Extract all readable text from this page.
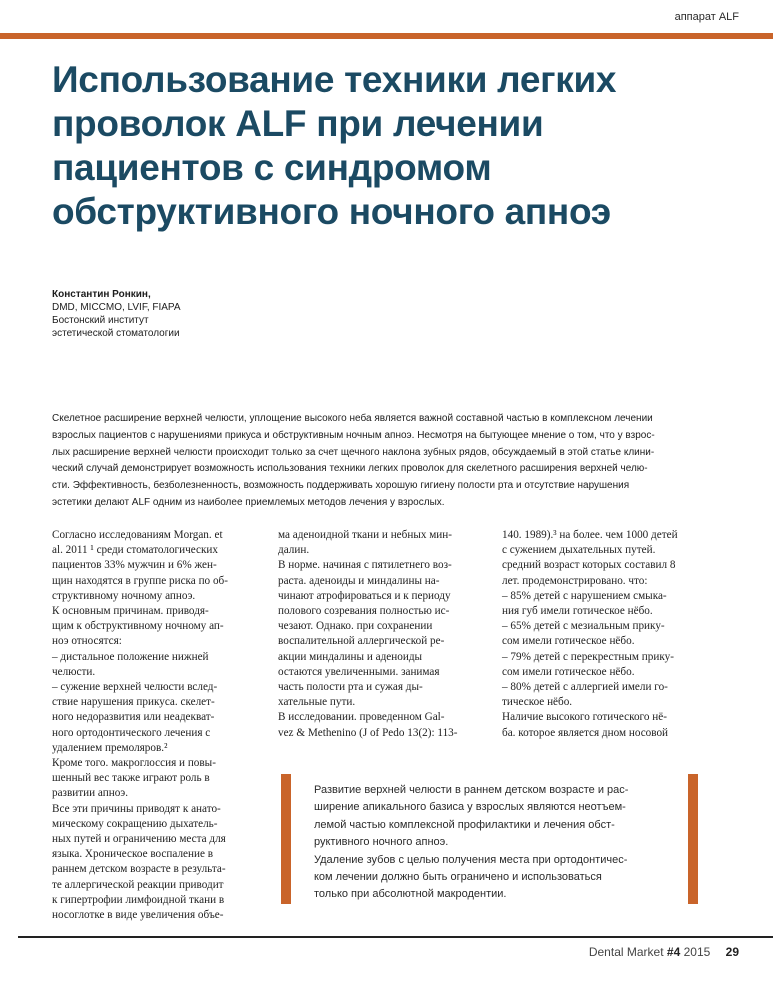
аппарат ALF
Использование техники легких
проволок ALF при лечении
пациентов с синдромом
обструктивного ночного апноэ
Константин Ронкин,
DMD, MICCMO, LVIF, FIAPA
Бостонский институт
эстетической стоматологии
Скелетное расширение верхней челюсти, уплощение высокого неба является важной составной частью в комплексном лечении
взрослых пациентов с нарушениями прикуса и обструктивным ночным апноэ. Несмотря на бытующее мнение о том, что у взрос-
лых расширение верхней челюсти происходит только за счет щечного наклона зубных рядов, обсуждаемый в этой статье клини-
ческий случай демонстрирует возможность использования техники легких проволок для скелетного расширения верхней челю-
сти. Эффективность, безболезненность, возможность поддерживать хорошую гигиену полости рта и отсутствие нарушения
эстетики делают ALF одним из наиболее приемлемых методов лечения у взрослых.
Согласно исследованиям Morgan. et
al. 2011 ¹ среди стоматологических
пациентов 33% мужчин и 6% жен-
щин находятся в группе риска по об-
структивному ночному апноэ.
К основным причинам. приводя-
щим к обструктивному ночному ап-
ноэ относятся:
– дистальное положение нижней
челюсти.
– сужение верхней челюсти вслед-
ствие нарушения прикуса. скелет-
ного недоразвития или неадекват-
ного ортодонтического лечения с
удалением премоляров.²
Кроме того. макроглоссия и повы-
шенный вес также играют роль в
развитии апноэ.
Все эти причины приводят к анато-
мическому сокращению дыхатель-
ных путей и ограничению места для
языка. Хроническое воспаление в
раннем детском возрасте в результа-
те аллергической реакции приводит
к гипертрофии лимфоидной ткани в
носоглотке в виде увеличения объе-
ма аденоидной ткани и небных мин-
далин.
В норме. начиная с пятилетнего воз-
раста. аденоиды и миндалины на-
чинают атрофироваться и к периоду
полового созревания полностью ис-
чезают. Однако. при сохранении
воспалительной аллергической ре-
акции миндалины и аденоиды
остаются увеличенными. занимая
часть полости рта и сужая ды-
хательные пути.
В исследовании. проведенном Gal-
vez & Methenino (J of Pedo 13(2): 113-
140. 1989).³ на более. чем 1000 детей
с сужением дыхательных путей.
средний возраст которых составил 8
лет. продемонстрировано. что:
– 85% детей с нарушением смыка-
ния губ имели готическое нёбо.
– 65% детей с мезиальным прику-
сом имели готическое нёбо.
– 79% детей с перекрестным прику-
сом имели готическое нёбо.
– 80% детей с аллергией имели го-
тическое нёбо.
Наличие высокого готического нё-
ба. которое является дном носовой
Развитие верхней челюсти в раннем детском возрасте и рас-
ширение апикального базиса у взрослых являются неотъем-
лемой частью комплексной профилактики и лечения обст-
руктивного ночного апноэ.
Удаление зубов с целью получения места при ортодонтичес-
ком лечении должно быть ограничено и использоваться
только при абсолютной макродентии.
Dental Market #4 2015 29
